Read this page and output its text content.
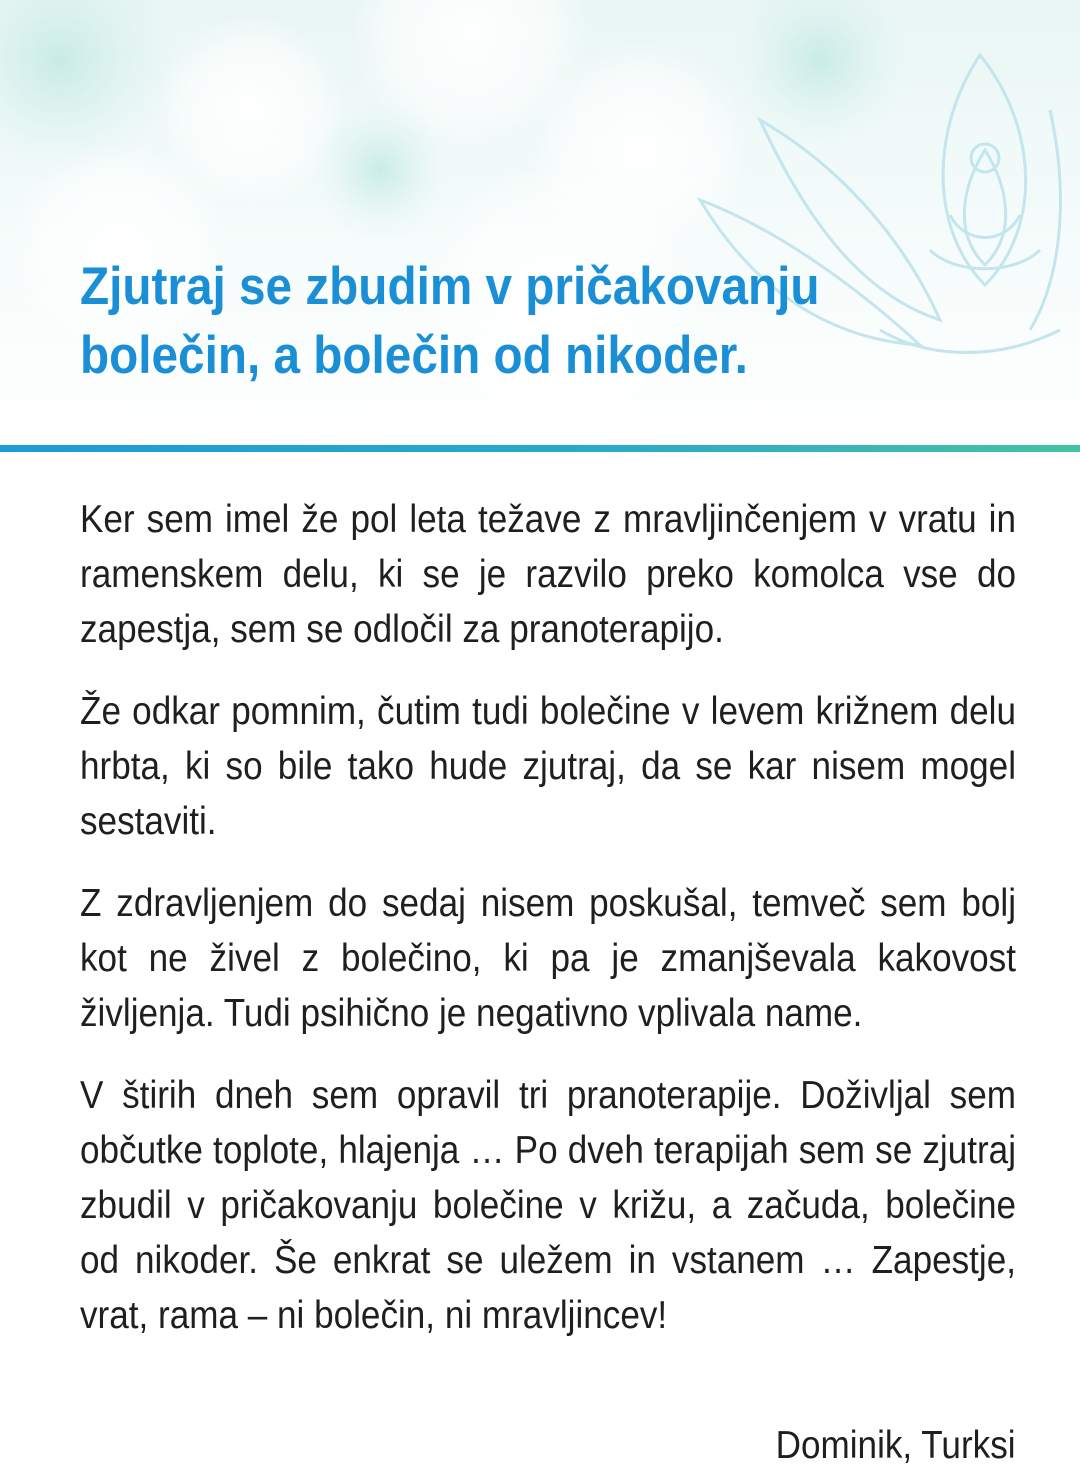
Zjutraj se zbudim v pričakovanju
bolečin, a bolečin od nikoder.

Ker sem imel že pol leta težave z mravljinčenjem v vratu in ramenskem delu, ki se je razvilo preko komolca vse do zapestja, sem se odločil za pranoterapijo.

Že odkar pomnim, čutim tudi bolečine v levem križnem delu hrbta, ki so bile tako hude zjutraj, da se kar nisem mogel sestaviti.

Z zdravljenjem do sedaj nisem poskušal, temveč sem bolj kot ne živel z bolečino, ki pa je zmanjševala kakovost življenja. Tudi psihično je negativno vplivala name.

V štirih dneh sem opravil tri pranoterapije. Doživljal sem občutke toplote, hlajenja … Po dveh terapijah sem se zjutraj zbudil v pričakovanju bolečine v križu, a začuda, bolečine od nikoder. Še enkrat se uležem in vstanem … Zapestje, vrat, rama – ni bolečin, ni mravljincev!

Dominik, Turksi
